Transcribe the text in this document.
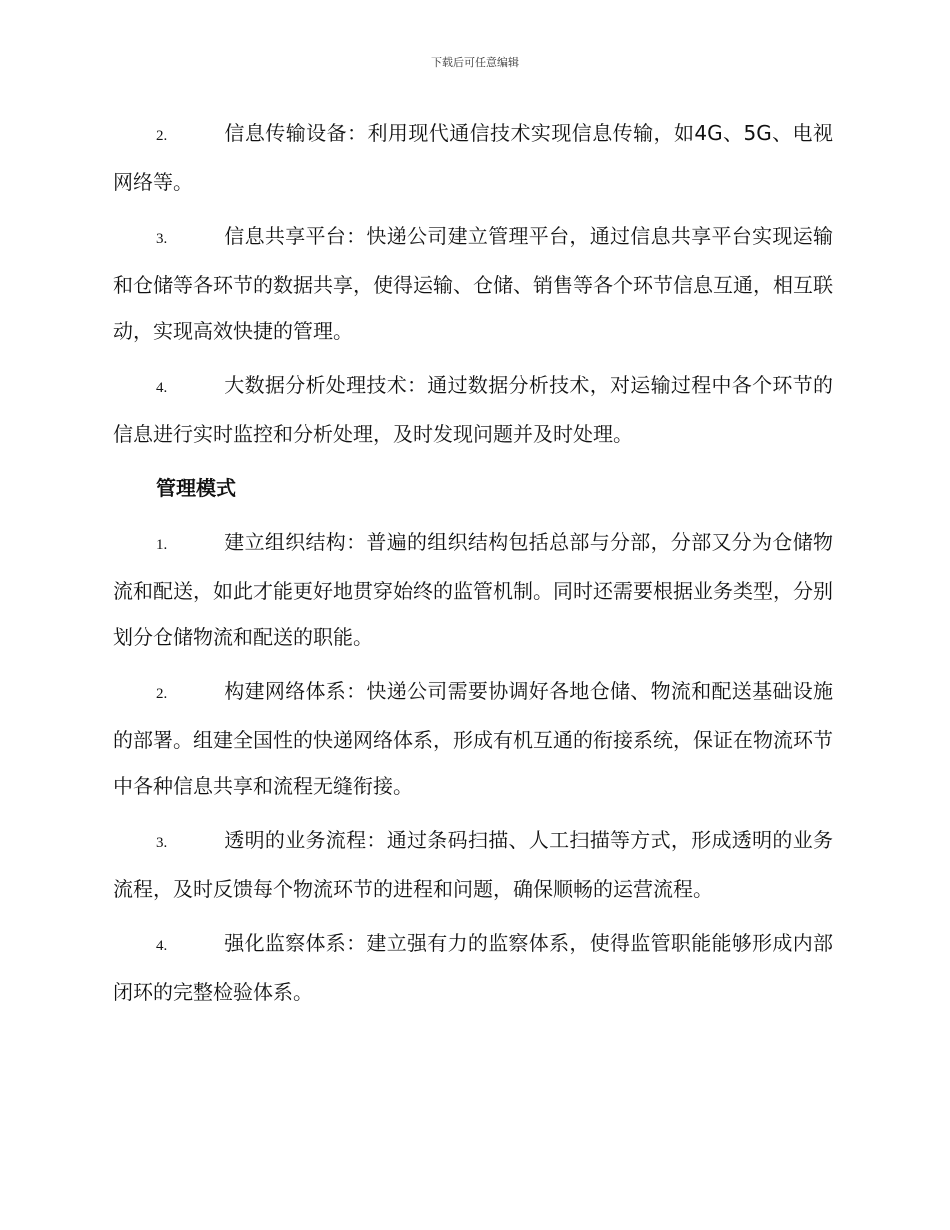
下载后可任意编辑

2.	信息传输设备：利用现代通信技术实现信息传输，如4G、5G、电视网络等。

3.	信息共享平台：快递公司建立管理平台，通过信息共享平台实现运输和仓储等各环节的数据共享，使得运输、仓储、销售等各个环节信息互通，相互联动，实现高效快捷的管理。

4.	大数据分析处理技术：通过数据分析技术，对运输过程中各个环节的信息进行实时监控和分析处理，及时发现问题并及时处理。

管理模式

1.	建立组织结构：普遍的组织结构包括总部与分部，分部又分为仓储物流和配送，如此才能更好地贯穿始终的监管机制。同时还需要根据业务类型，分别划分仓储物流和配送的职能。

2.	构建网络体系：快递公司需要协调好各地仓储、物流和配送基础设施的部署。组建全国性的快递网络体系，形成有机互通的衔接系统，保证在物流环节中各种信息共享和流程无缝衔接。

3.	透明的业务流程：通过条码扫描、人工扫描等方式，形成透明的业务流程，及时反馈每个物流环节的进程和问题，确保顺畅的运营流程。

4.	强化监察体系：建立强有力的监察体系，使得监管职能能够形成内部闭环的完整检验体系。
